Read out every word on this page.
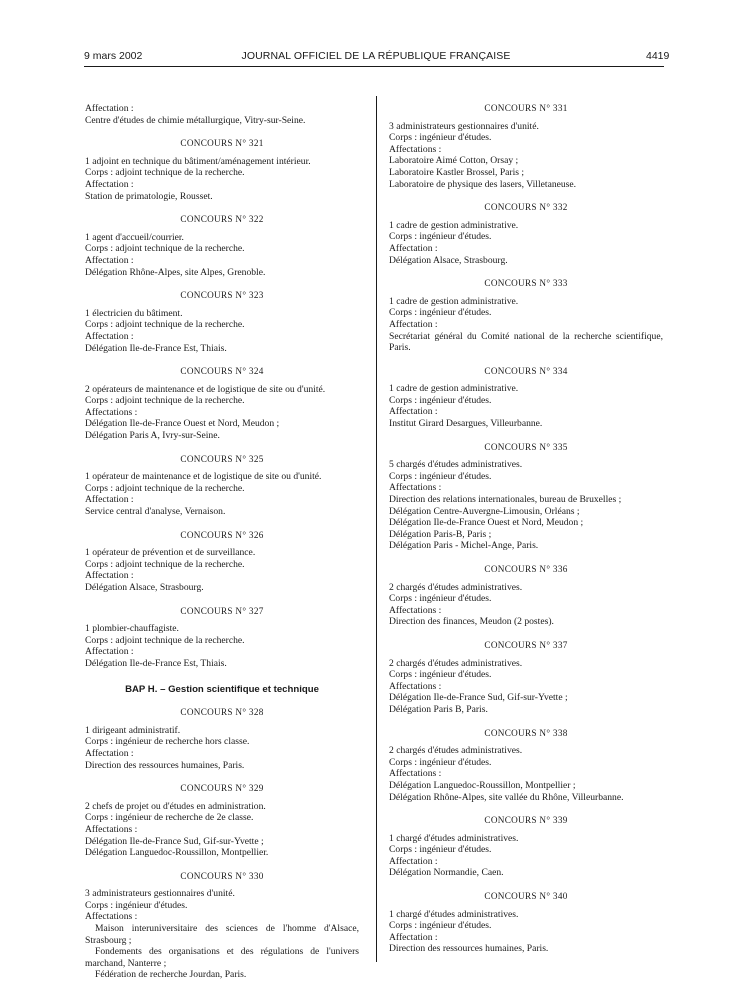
9 mars 2002	JOURNAL OFFICIEL DE LA RÉPUBLIQUE FRANÇAISE	4419
Affectation :
Centre d'études de chimie métallurgique, Vitry-sur-Seine.
CONCOURS N° 321
1 adjoint en technique du bâtiment/aménagement intérieur.
Corps : adjoint technique de la recherche.
Affectation :
Station de primatologie, Rousset.
CONCOURS N° 322
1 agent d'accueil/courrier.
Corps : adjoint technique de la recherche.
Affectation :
Délégation Rhône-Alpes, site Alpes, Grenoble.
CONCOURS N° 323
1 électricien du bâtiment.
Corps : adjoint technique de la recherche.
Affectation :
Délégation Ile-de-France Est, Thiais.
CONCOURS N° 324
2 opérateurs de maintenance et de logistique de site ou d'unité.
Corps : adjoint technique de la recherche.
Affectations :
Délégation Ile-de-France Ouest et Nord, Meudon ;
Délégation Paris A, Ivry-sur-Seine.
CONCOURS N° 325
1 opérateur de maintenance et de logistique de site ou d'unité.
Corps : adjoint technique de la recherche.
Affectation :
Service central d'analyse, Vernaison.
CONCOURS N° 326
1 opérateur de prévention et de surveillance.
Corps : adjoint technique de la recherche.
Affectation :
Délégation Alsace, Strasbourg.
CONCOURS N° 327
1 plombier-chauffagiste.
Corps : adjoint technique de la recherche.
Affectation :
Délégation Ile-de-France Est, Thiais.
BAP H. – Gestion scientifique et technique
CONCOURS N° 328
1 dirigeant administratif.
Corps : ingénieur de recherche hors classe.
Affectation :
Direction des ressources humaines, Paris.
CONCOURS N° 329
2 chefs de projet ou d'études en administration.
Corps : ingénieur de recherche de 2e classe.
Affectations :
Délégation Ile-de-France Sud, Gif-sur-Yvette ;
Délégation Languedoc-Roussillon, Montpellier.
CONCOURS N° 330
3 administrateurs gestionnaires d'unité.
Corps : ingénieur d'études.
Affectations :
Maison interuniversitaire des sciences de l'homme d'Alsace, Strasbourg ;
Fondements des organisations et des régulations de l'univers marchand, Nanterre ;
Fédération de recherche Jourdan, Paris.
CONCOURS N° 331
3 administrateurs gestionnaires d'unité.
Corps : ingénieur d'études.
Affectations :
Laboratoire Aimé Cotton, Orsay ;
Laboratoire Kastler Brossel, Paris ;
Laboratoire de physique des lasers, Villetaneuse.
CONCOURS N° 332
1 cadre de gestion administrative.
Corps : ingénieur d'études.
Affectation :
Délégation Alsace, Strasbourg.
CONCOURS N° 333
1 cadre de gestion administrative.
Corps : ingénieur d'études.
Affectation :
Secrétariat général du Comité national de la recherche scientifique, Paris.
CONCOURS N° 334
1 cadre de gestion administrative.
Corps : ingénieur d'études.
Affectation :
Institut Girard Desargues, Villeurbanne.
CONCOURS N° 335
5 chargés d'études administratives.
Corps : ingénieur d'études.
Affectations :
Direction des relations internationales, bureau de Bruxelles ;
Délégation Centre-Auvergne-Limousin, Orléans ;
Délégation Ile-de-France Ouest et Nord, Meudon ;
Délégation Paris-B, Paris ;
Délégation Paris - Michel-Ange, Paris.
CONCOURS N° 336
2 chargés d'études administratives.
Corps : ingénieur d'études.
Affectations :
Direction des finances, Meudon (2 postes).
CONCOURS N° 337
2 chargés d'études administratives.
Corps : ingénieur d'études.
Affectations :
Délégation Ile-de-France Sud, Gif-sur-Yvette ;
Délégation Paris B, Paris.
CONCOURS N° 338
2 chargés d'études administratives.
Corps : ingénieur d'études.
Affectations :
Délégation Languedoc-Roussillon, Montpellier ;
Délégation Rhône-Alpes, site vallée du Rhône, Villeurbanne.
CONCOURS N° 339
1 chargé d'études administratives.
Corps : ingénieur d'études.
Affectation :
Délégation Normandie, Caen.
CONCOURS N° 340
1 chargé d'études administratives.
Corps : ingénieur d'études.
Affectation :
Direction des ressources humaines, Paris.
